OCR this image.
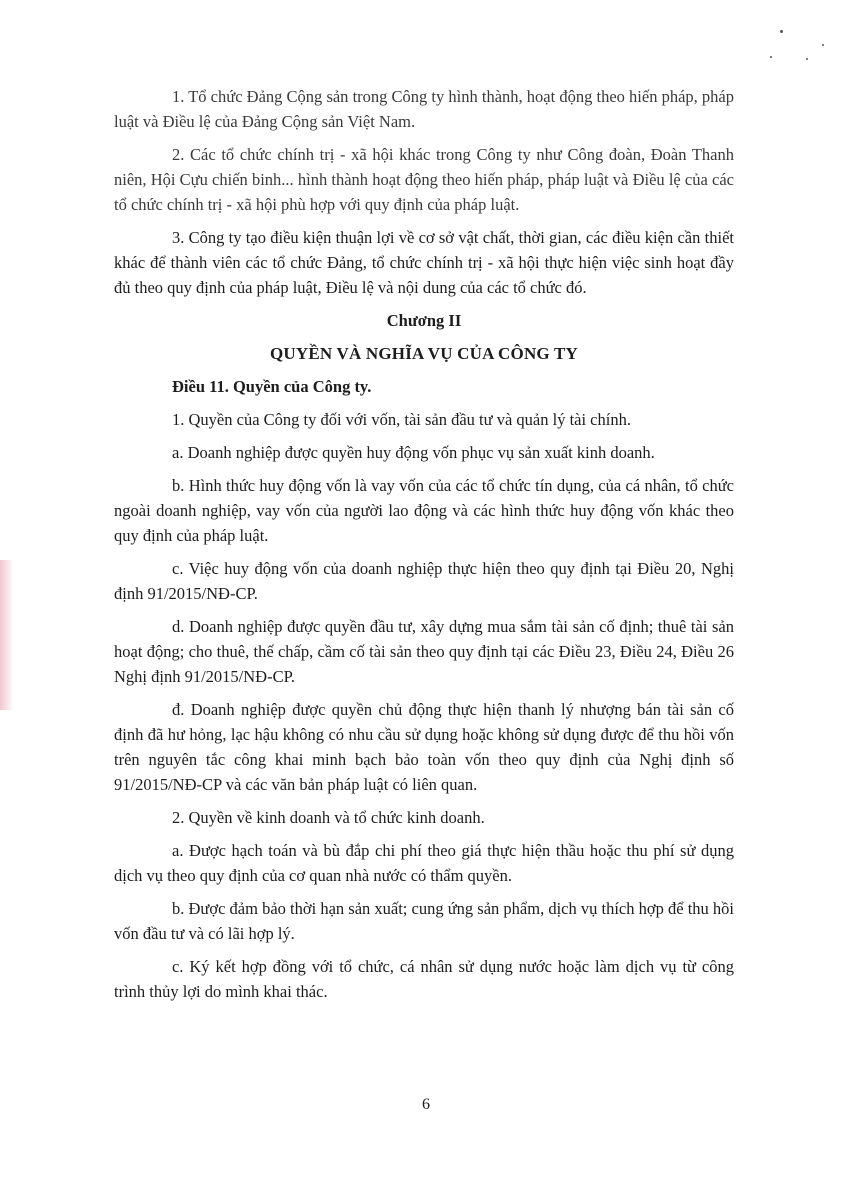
1. Tổ chức Đảng Cộng sản trong Công ty hình thành, hoạt động theo hiến pháp, pháp luật và Điều lệ của Đảng Cộng sản Việt Nam.

2. Các tổ chức chính trị - xã hội khác trong Công ty như Công đoàn, Đoàn Thanh niên, Hội Cựu chiến binh... hình thành hoạt động theo hiến pháp, pháp luật và Điều lệ của các tổ chức chính trị - xã hội phù hợp với quy định của pháp luật.

3. Công ty tạo điều kiện thuận lợi về cơ sở vật chất, thời gian, các điều kiện cần thiết khác để thành viên các tổ chức Đảng, tổ chức chính trị - xã hội thực hiện việc sinh hoạt đầy đủ theo quy định của pháp luật, Điều lệ và nội dung của các tổ chức đó.

Chương II
QUYỀN VÀ NGHĨA VỤ CỦA CÔNG TY
Điều 11. Quyền của Công ty.

1. Quyền của Công ty đối với vốn, tài sản đầu tư và quản lý tài chính.

a. Doanh nghiệp được quyền huy động vốn phục vụ sản xuất kinh doanh.

b. Hình thức huy động vốn là vay vốn của các tổ chức tín dụng, của cá nhân, tổ chức ngoài doanh nghiệp, vay vốn của người lao động và các hình thức huy động vốn khác theo quy định của pháp luật.

c. Việc huy động vốn của doanh nghiệp thực hiện theo quy định tại Điều 20, Nghị định 91/2015/NĐ-CP.

d. Doanh nghiệp được quyền đầu tư, xây dựng mua sắm tài sản cố định; thuê tài sản hoạt động; cho thuê, thế chấp, cầm cố tài sản theo quy định tại các Điều 23, Điều 24, Điều 26 Nghị định 91/2015/NĐ-CP.

đ. Doanh nghiệp được quyền chủ động thực hiện thanh lý nhượng bán tài sản cố định đã hư hỏng, lạc hậu không có nhu cầu sử dụng hoặc không sử dụng được để thu hồi vốn trên nguyên tắc công khai minh bạch bảo toàn vốn theo quy định của Nghị định số 91/2015/NĐ-CP và các văn bản pháp luật có liên quan.

2. Quyền về kinh doanh và tổ chức kinh doanh.

a. Được hạch toán và bù đắp chi phí theo giá thực hiện thầu hoặc thu phí sử dụng dịch vụ theo quy định của cơ quan nhà nước có thẩm quyền.

b. Được đảm bảo thời hạn sản xuất; cung ứng sản phẩm, dịch vụ thích hợp để thu hồi vốn đầu tư và có lãi hợp lý.

c. Ký kết hợp đồng với tổ chức, cá nhân sử dụng nước hoặc làm dịch vụ từ công trình thủy lợi do mình khai thác.

6
